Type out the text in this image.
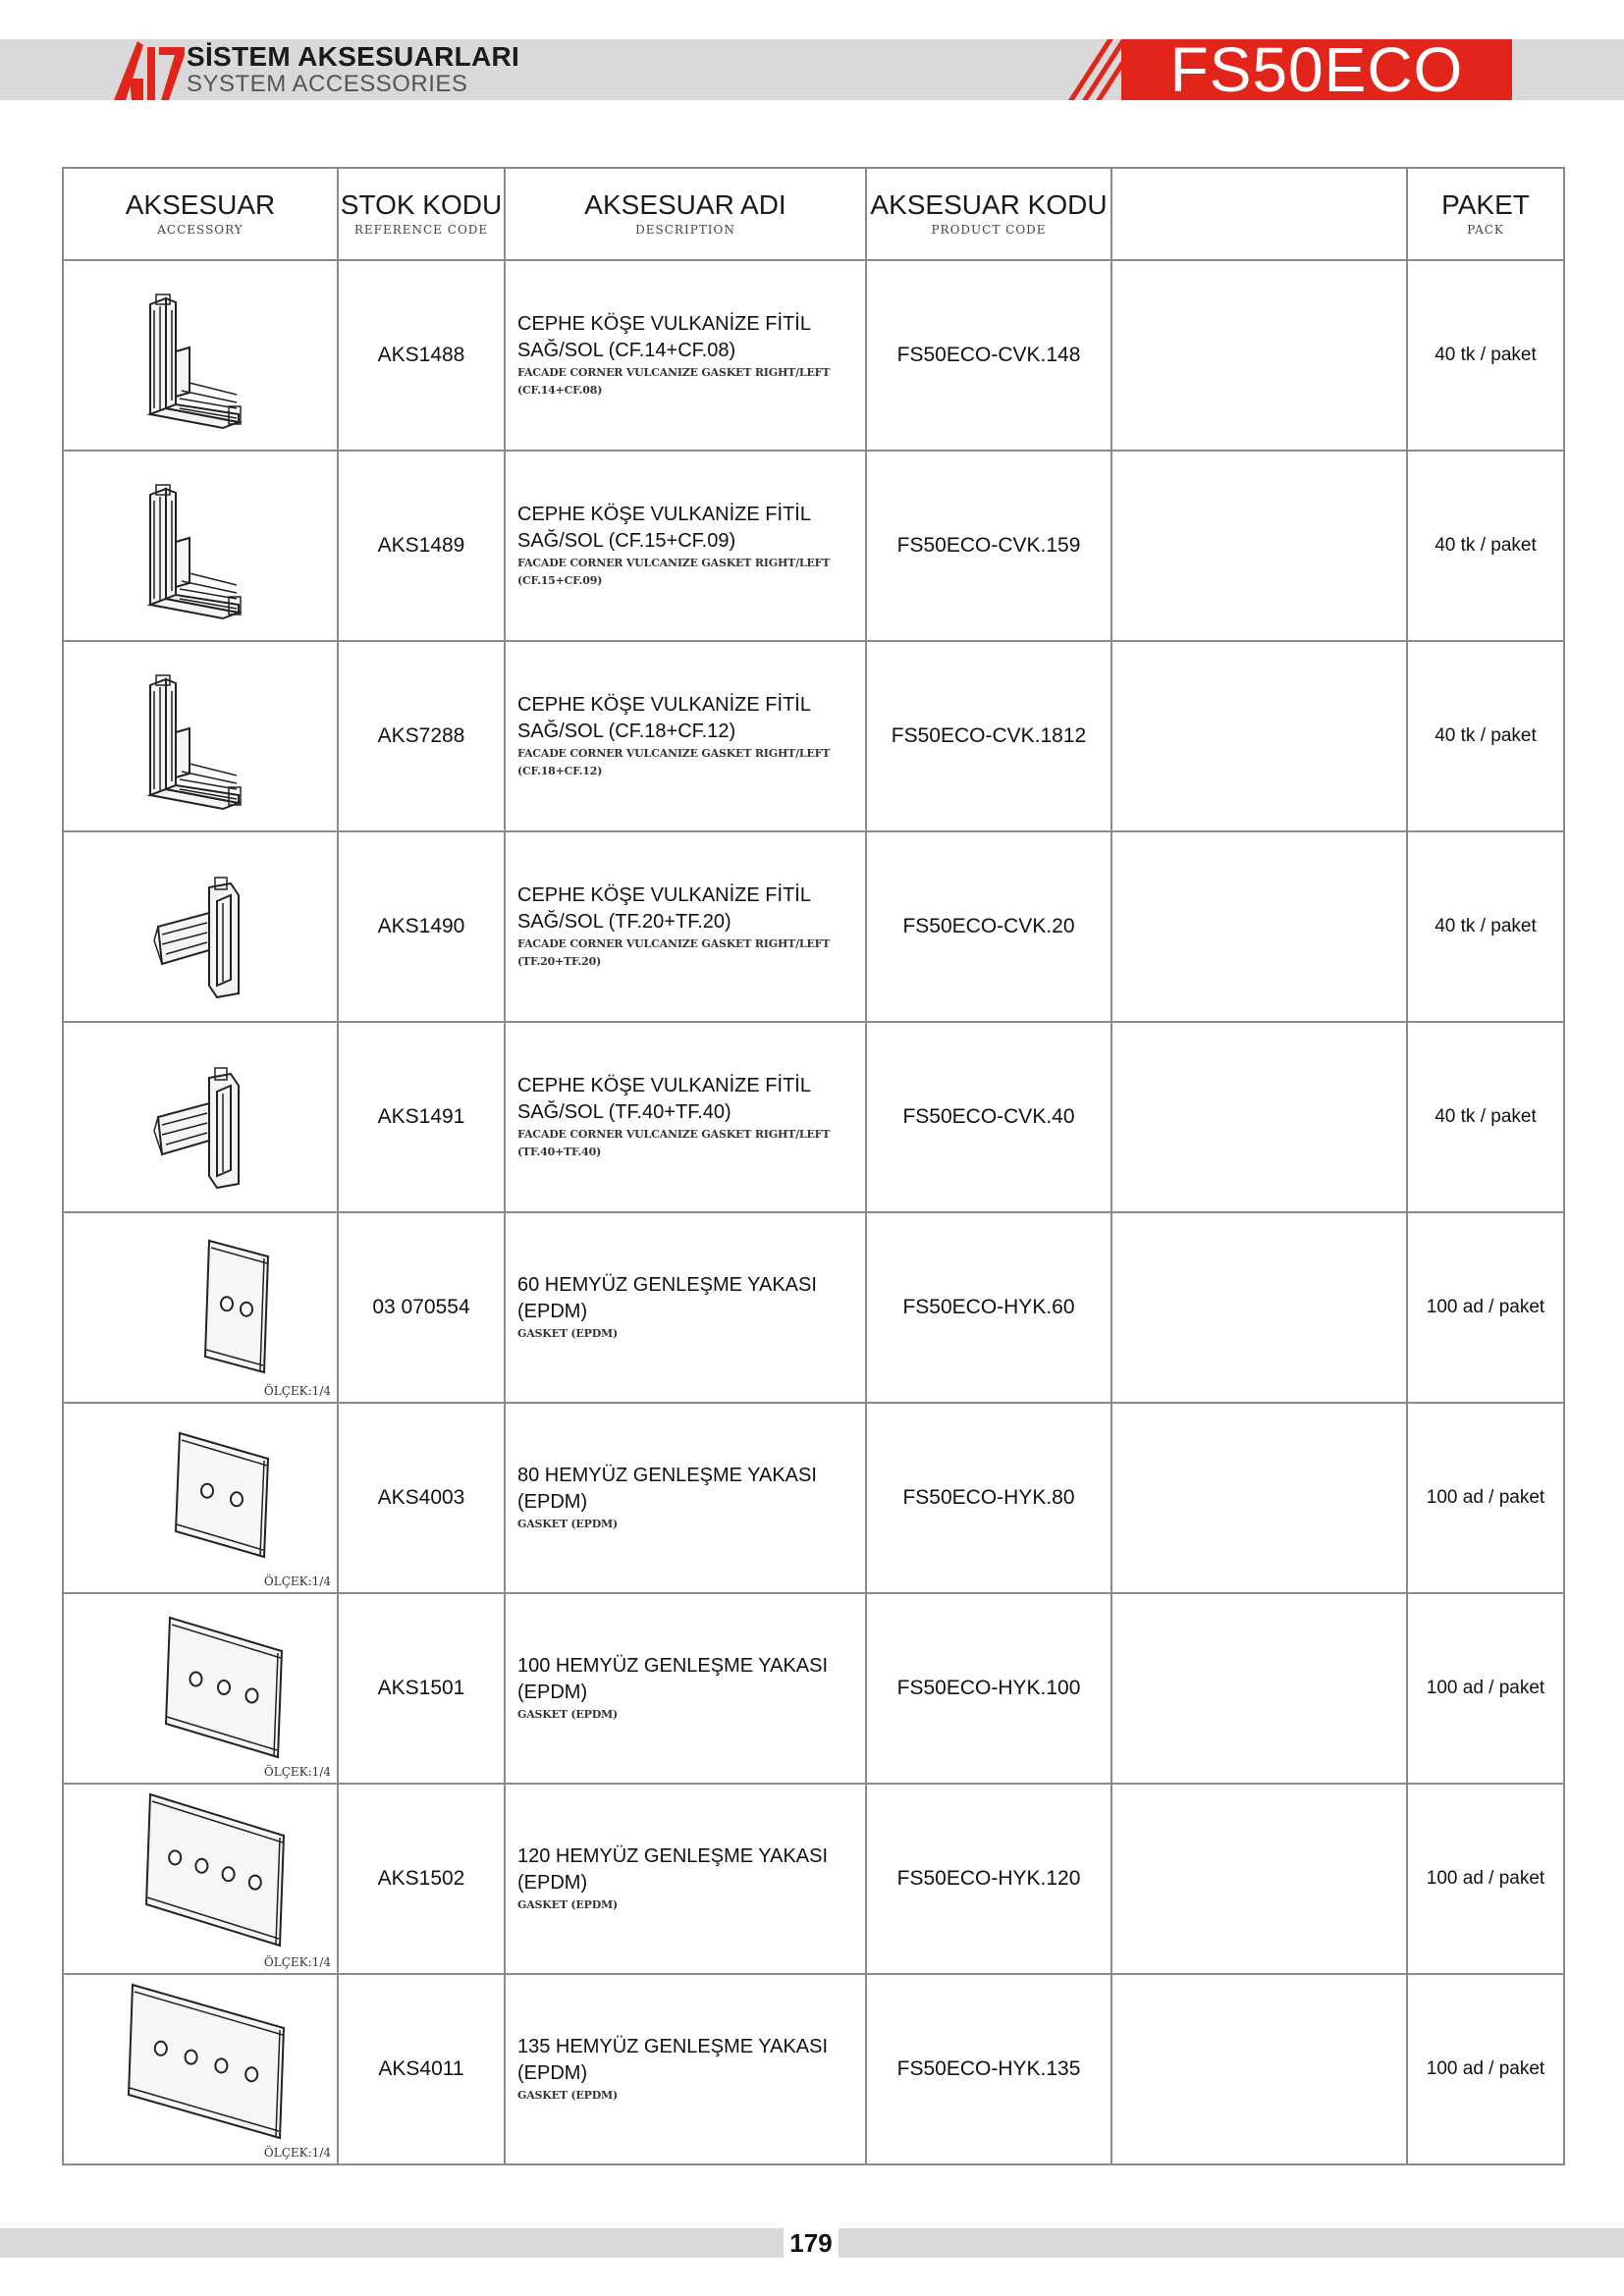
SİSTEM AKSESUARLARI
SYSTEM ACCESSORIES	FS50ECO
AKSESUAR
ACCESSORY	STOK KODU
REFERENCE CODE	AKSESUAR ADI
DESCRIPTION	AKSESUAR KODU
PRODUCT CODE		PAKET
PACK

	AKS1488	CEPHE KÖŞE VULKANİZE FİTİL
SAĞ/SOL (CF.14+CF.08)
FACADE CORNER VULCANIZE GASKET RIGHT/LEFT
(CF.14+CF.08)	FS50ECO-CVK.148		40 tk / paket

	AKS1489	CEPHE KÖŞE VULKANİZE FİTİL
SAĞ/SOL (CF.15+CF.09)
FACADE CORNER VULCANIZE GASKET RIGHT/LEFT
(CF.15+CF.09)	FS50ECO-CVK.159		40 tk / paket

	AKS7288	CEPHE KÖŞE VULKANİZE FİTİL
SAĞ/SOL (CF.18+CF.12)
FACADE CORNER VULCANIZE GASKET RIGHT/LEFT
(CF.18+CF.12)	FS50ECO-CVK.1812		40 tk / paket

	AKS1490	CEPHE KÖŞE VULKANİZE FİTİL
SAĞ/SOL (TF.20+TF.20)
FACADE CORNER VULCANIZE GASKET RIGHT/LEFT
(TF.20+TF.20)	FS50ECO-CVK.20		40 tk / paket

	AKS1491	CEPHE KÖŞE VULKANİZE FİTİL
SAĞ/SOL (TF.40+TF.40)
FACADE CORNER VULCANIZE GASKET RIGHT/LEFT
(TF.40+TF.40)	FS50ECO-CVK.40		40 tk / paket

ÖLÇEK:1/4	03 070554	60 HEMYÜZ GENLEŞME YAKASI
(EPDM)
GASKET (EPDM)	FS50ECO-HYK.60		100 ad / paket

ÖLÇEK:1/4	AKS4003	80 HEMYÜZ GENLEŞME YAKASI
(EPDM)
GASKET (EPDM)	FS50ECO-HYK.80		100 ad / paket

ÖLÇEK:1/4	AKS1501	100 HEMYÜZ GENLEŞME YAKASI
(EPDM)
GASKET (EPDM)	FS50ECO-HYK.100		100 ad / paket

ÖLÇEK:1/4	AKS1502	120 HEMYÜZ GENLEŞME YAKASI
(EPDM)
GASKET (EPDM)	FS50ECO-HYK.120		100 ad / paket

ÖLÇEK:1/4	AKS4011	135 HEMYÜZ GENLEŞME YAKASI
(EPDM)
GASKET (EPDM)	FS50ECO-HYK.135		100 ad / paket
179
